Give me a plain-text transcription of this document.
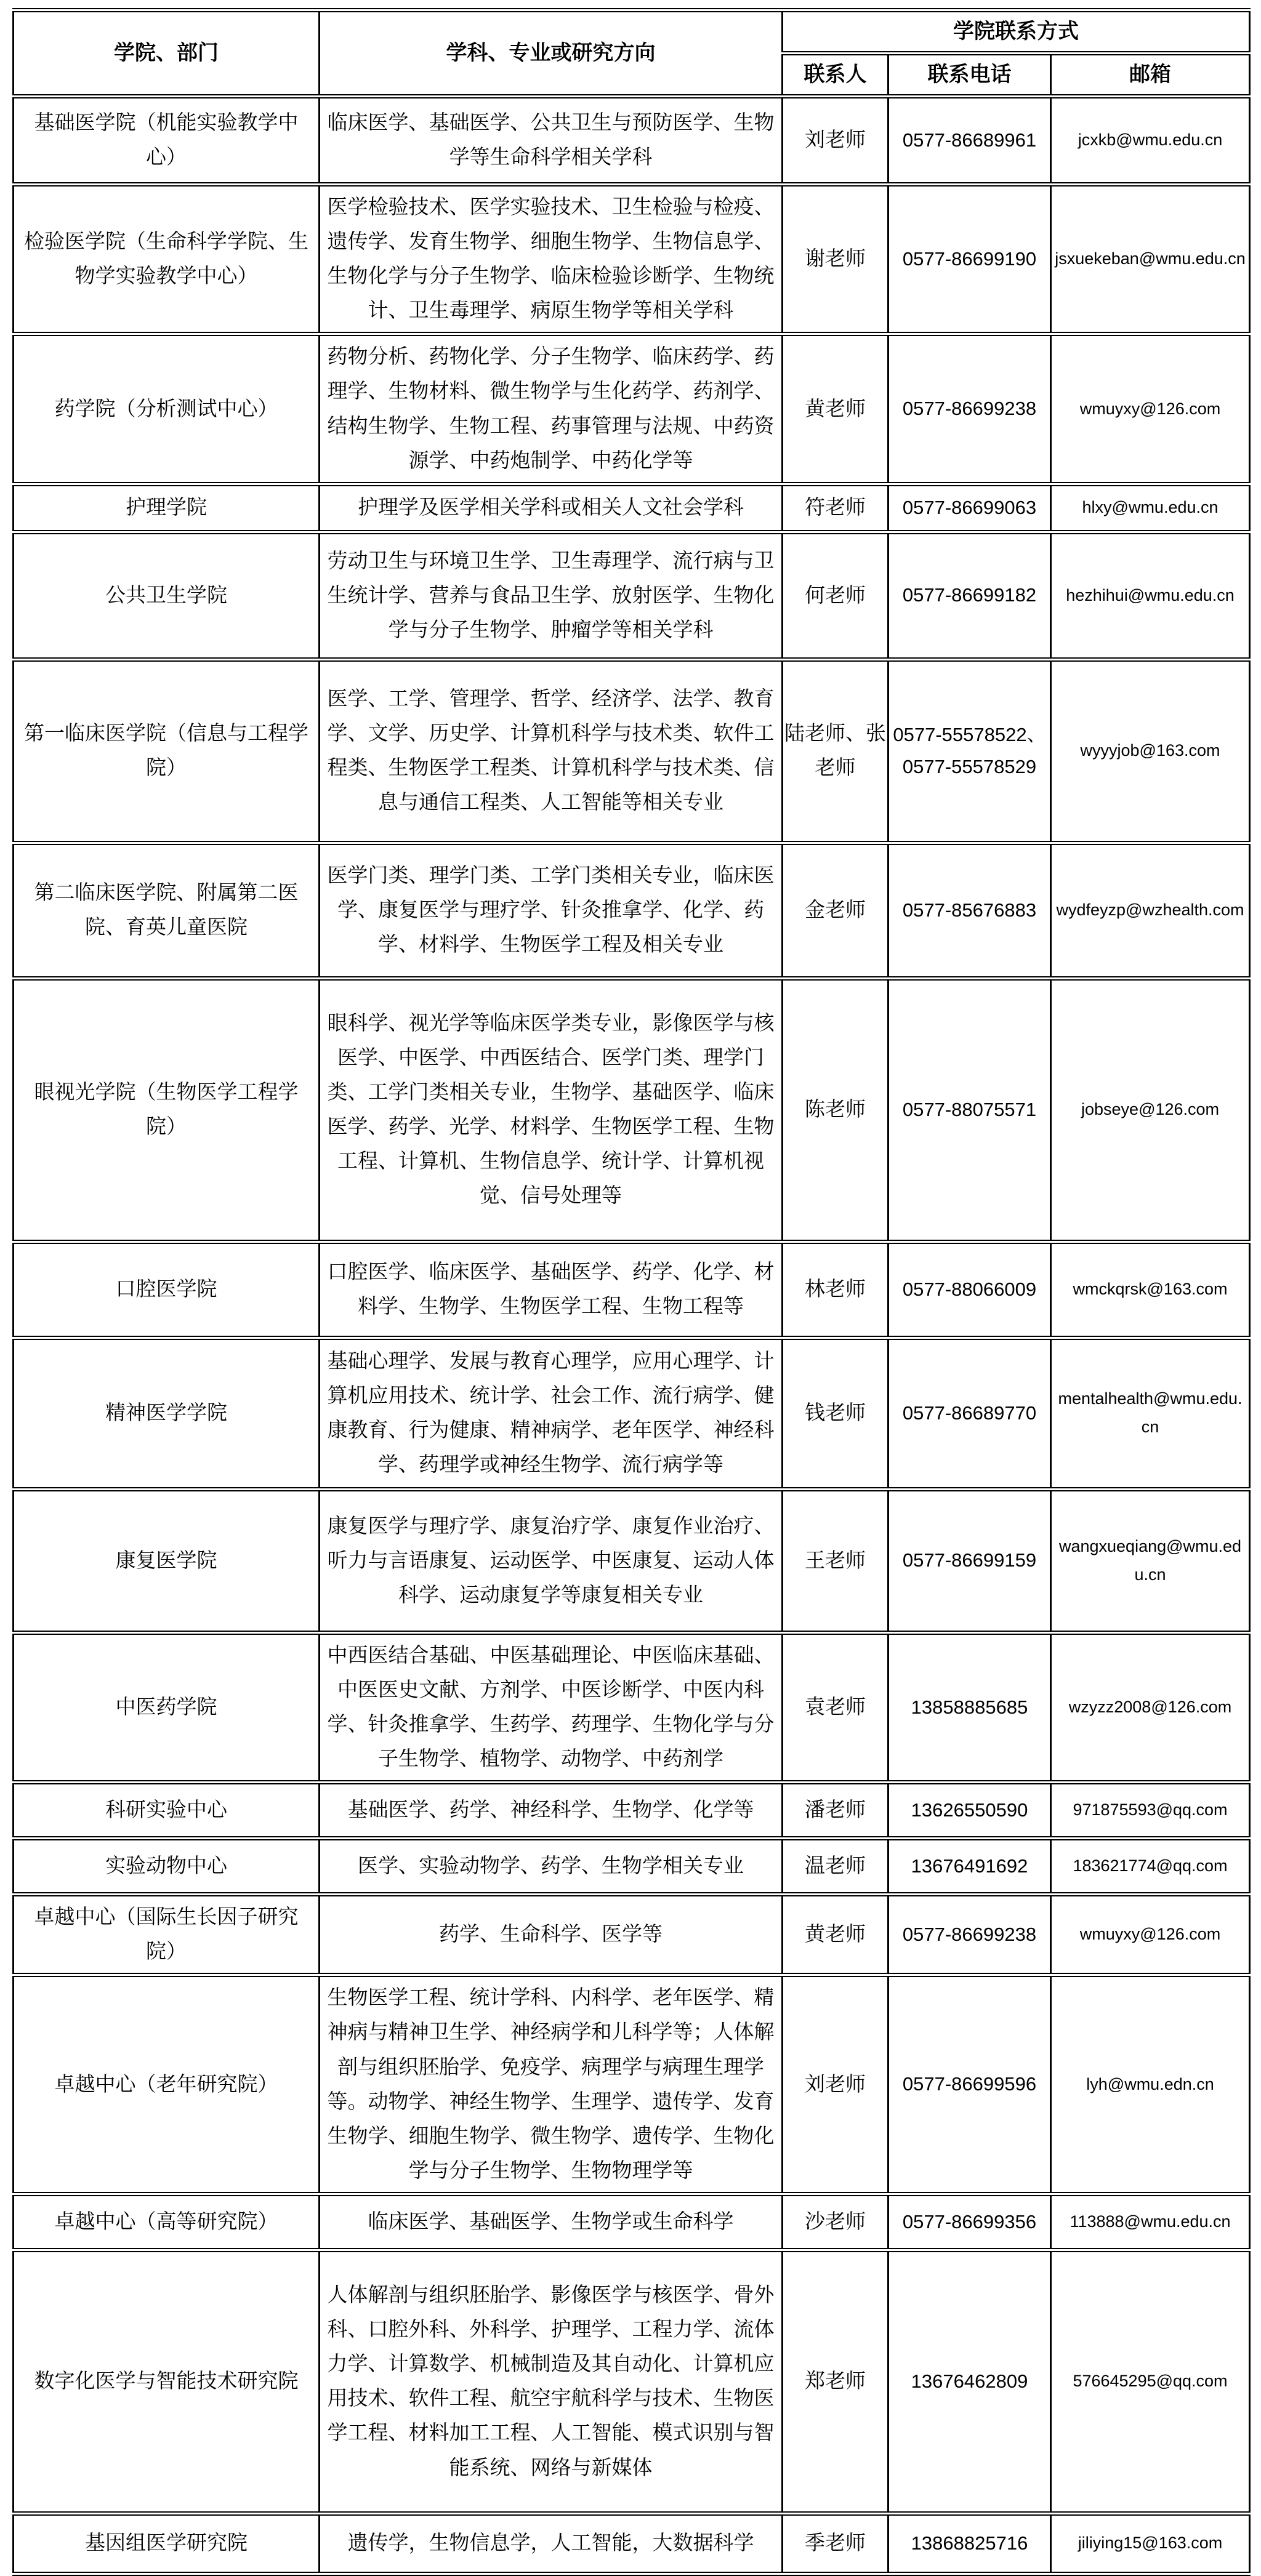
学院、部门	学科、专业或研究方向	学院联系方式		
		联系人	联系电话	邮箱
基础医学院（机能实验教学中心）	临床医学、基础医学、公共卫生与预防医学、生物学等生命科学相关学科	刘老师	0577-86689961	jcxkb@wmu.edu.cn
检验医学院（生命科学学院、生物学实验教学中心）	医学检验技术、医学实验技术、卫生检验与检疫、遗传学、发育生物学、细胞生物学、生物信息学、生物化学与分子生物学、临床检验诊断学、生物统计、卫生毒理学、病原生物学等相关学科	谢老师	0577-86699190	jsxuekeban@wmu.edu.cn
药学院（分析测试中心）	药物分析、药物化学、分子生物学、临床药学、药理学、生物材料、微生物学与生化药学、药剂学、结构生物学、生物工程、药事管理与法规、中药资源学、中药炮制学、中药化学等	黄老师	0577-86699238	wmuyxy@126.com
护理学院	护理学及医学相关学科或相关人文社会学科	符老师	0577-86699063	hlxy@wmu.edu.cn
公共卫生学院	劳动卫生与环境卫生学、卫生毒理学、流行病与卫生统计学、营养与食品卫生学、放射医学、生物化学与分子生物学、肿瘤学等相关学科	何老师	0577-86699182	hezhihui@wmu.edu.cn
第一临床医学院（信息与工程学院）	医学、工学、管理学、哲学、经济学、法学、教育学、文学、历史学、计算机科学与技术类、软件工程类、生物医学工程类、计算机科学与技术类、信息与通信工程类、人工智能等相关专业	陆老师、张老师	0577-55578522、0577-55578529	wyyyjob@163.com
第二临床医学院、附属第二医院、育英儿童医院	医学门类、理学门类、工学门类相关专业，临床医学、康复医学与理疗学、针灸推拿学、化学、药学、材料学、生物医学工程及相关专业	金老师	0577-85676883	wydfeyzp@wzhealth.com
眼视光学院（生物医学工程学院）	眼科学、视光学等临床医学类专业，影像医学与核医学、中医学、中西医结合、医学门类、理学门类、工学门类相关专业，生物学、基础医学、临床医学、药学、光学、材料学、生物医学工程、生物工程、计算机、生物信息学、统计学、计算机视觉、信号处理等	陈老师	0577-88075571	jobseye@126.com
口腔医学院	口腔医学、临床医学、基础医学、药学、化学、材料学、生物学、生物医学工程、生物工程等	林老师	0577-88066009	wmckqrsk@163.com
精神医学学院	基础心理学、发展与教育心理学，应用心理学、计算机应用技术、统计学、社会工作、流行病学、健康教育、行为健康、精神病学、老年医学、神经科学、药理学或神经生物学、流行病学等	钱老师	0577-86689770	mentalhealth@wmu.edu.cn
康复医学院	康复医学与理疗学、康复治疗学、康复作业治疗、听力与言语康复、运动医学、中医康复、运动人体科学、运动康复学等康复相关专业	王老师	0577-86699159	wangxueqiang@wmu.edu.cn
中医药学院	中西医结合基础、中医基础理论、中医临床基础、中医医史文献、方剂学、中医诊断学、中医内科学、针灸推拿学、生药学、药理学、生物化学与分子生物学、植物学、动物学、中药剂学	袁老师	13858885685	wzyzz2008@126.com
科研实验中心	基础医学、药学、神经科学、生物学、化学等	潘老师	13626550590	971875593@qq.com
实验动物中心	医学、实验动物学、药学、生物学相关专业	温老师	13676491692	183621774@qq.com
卓越中心（国际生长因子研究院）	药学、生命科学、医学等	黄老师	0577-86699238	wmuyxy@126.com
卓越中心（老年研究院）	生物医学工程、统计学科、内科学、老年医学、精神病与精神卫生学、神经病学和儿科学等；人体解剖与组织胚胎学、免疫学、病理学与病理生理学等。动物学、神经生物学、生理学、遗传学、发育生物学、细胞生物学、微生物学、遗传学、生物化学与分子生物学、生物物理学等	刘老师	0577-86699596	lyh@wmu.edn.cn
卓越中心（高等研究院）	临床医学、基础医学、生物学或生命科学	沙老师	0577-86699356	113888@wmu.edu.cn
数字化医学与智能技术研究院	人体解剖与组织胚胎学、影像医学与核医学、骨外科、口腔外科、外科学、护理学、工程力学、流体力学、计算数学、机械制造及其自动化、计算机应用技术、软件工程、航空宇航科学与技术、生物医学工程、材料加工工程、人工智能、模式识别与智能系统、网络与新媒体	郑老师	13676462809	576645295@qq.com
基因组医学研究院	遗传学，生物信息学，人工智能，大数据科学	季老师	13868825716	jiliying15@163.com
